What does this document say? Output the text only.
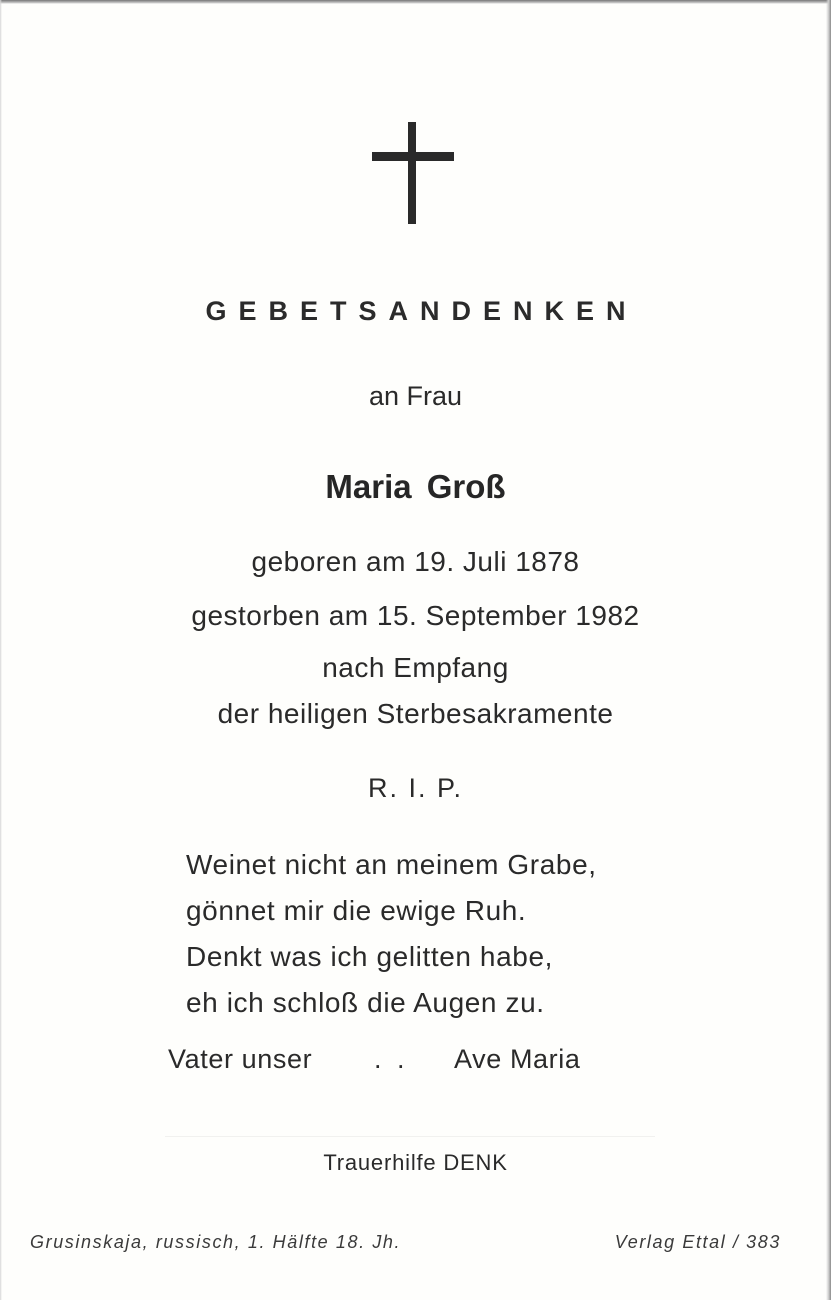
GEBETSANDENKEN
an Frau
Maria Groß
geboren am 19. Juli 1878
gestorben am 15. September 1982
nach Empfang
der heiligen Sterbesakramente
R. I. P.
Weinet nicht an meinem Grabe,
gönnet mir die ewige Ruh.
Denkt was ich gelitten habe,
eh ich schloß die Augen zu.
Vater unser . . Ave Maria
Trauerhilfe DENK
Grusinskaja, russisch, 1. Hälfte 18. Jh.	Verlag Ettal / 383
